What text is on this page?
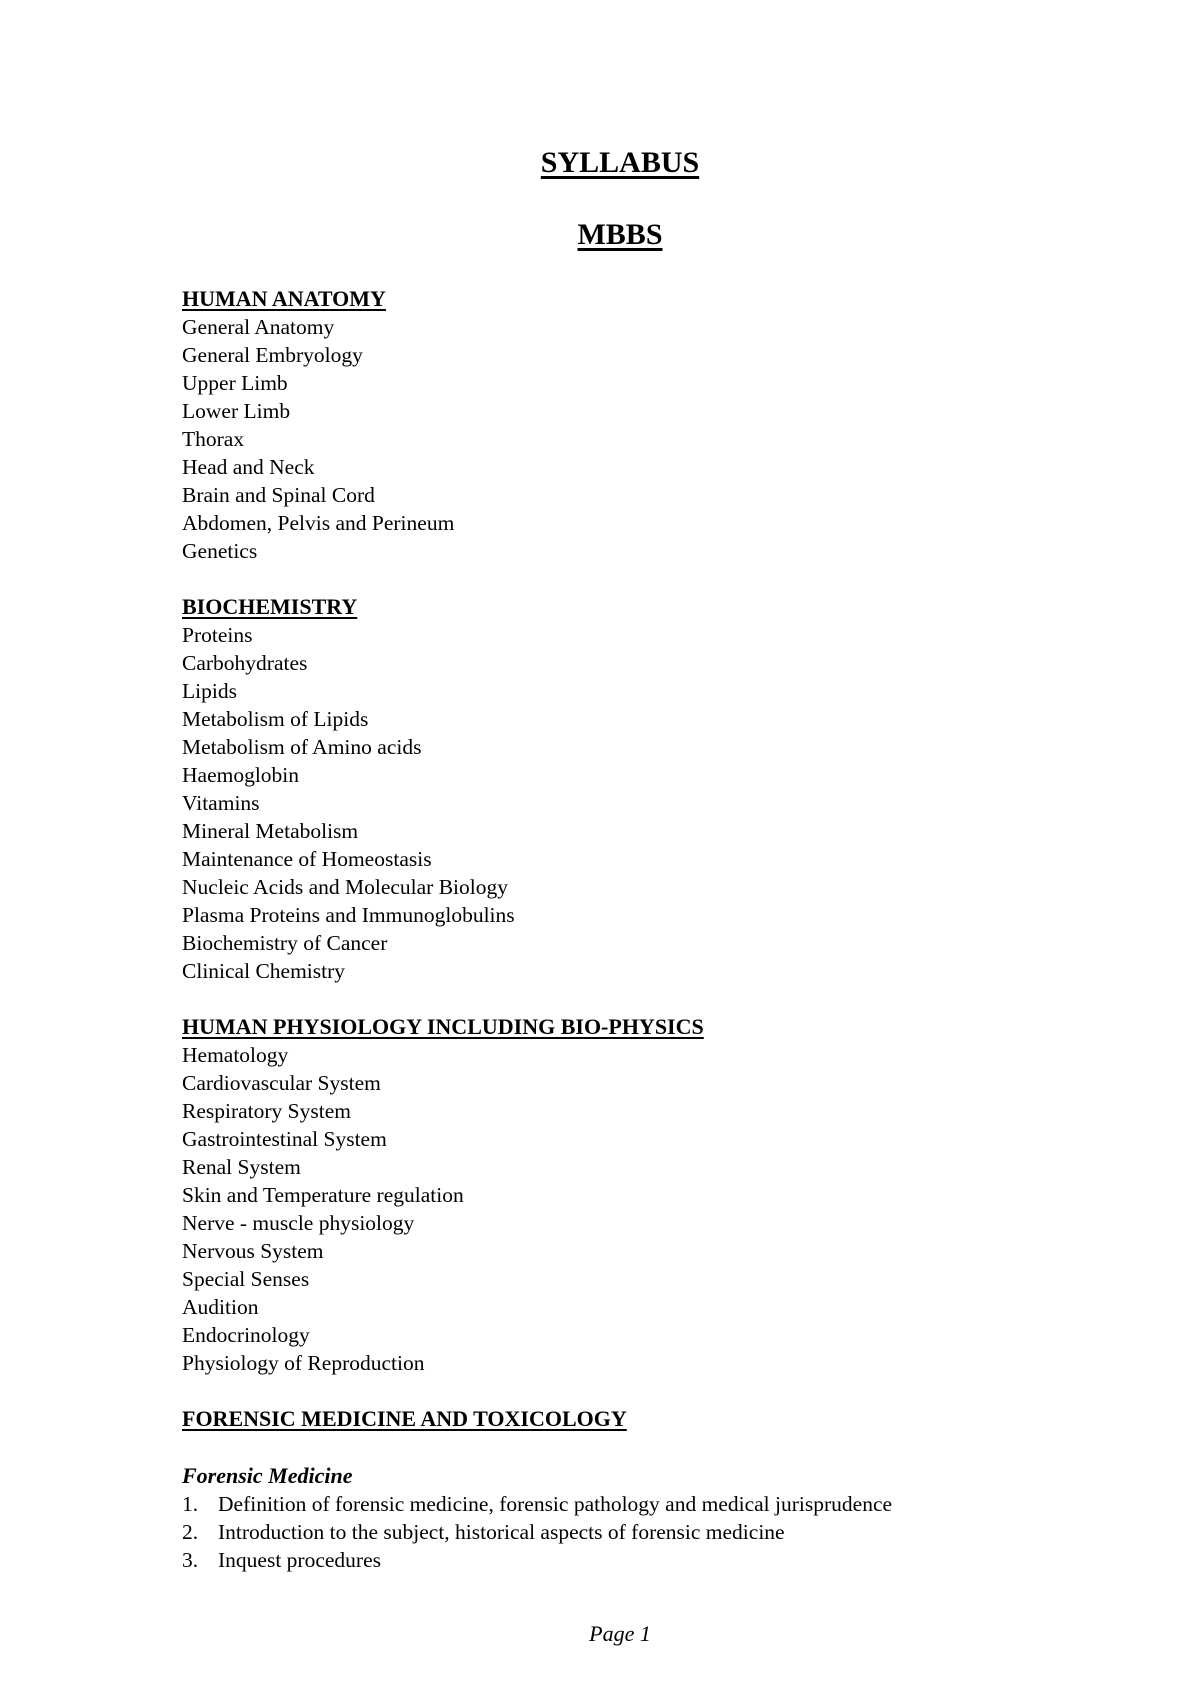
SYLLABUS
MBBS
HUMAN ANATOMY
General Anatomy
General Embryology
Upper Limb
Lower Limb
Thorax
Head and Neck
Brain and Spinal Cord
Abdomen, Pelvis and Perineum
Genetics
BIOCHEMISTRY
Proteins
Carbohydrates
Lipids
Metabolism of Lipids
Metabolism of Amino acids
Haemoglobin
Vitamins
Mineral Metabolism
Maintenance of Homeostasis
Nucleic Acids and Molecular Biology
Plasma Proteins and Immunoglobulins
Biochemistry of Cancer
Clinical Chemistry
HUMAN PHYSIOLOGY INCLUDING BIO-PHYSICS
Hematology
Cardiovascular System
Respiratory System
Gastrointestinal System
Renal System
Skin and Temperature regulation
Nerve - muscle physiology
Nervous System
Special Senses
Audition
Endocrinology
Physiology of Reproduction
FORENSIC MEDICINE AND TOXICOLOGY
Forensic Medicine
1. Definition of forensic medicine, forensic pathology and medical jurisprudence
2. Introduction to the subject, historical aspects of forensic medicine
3. Inquest procedures
Page 1
